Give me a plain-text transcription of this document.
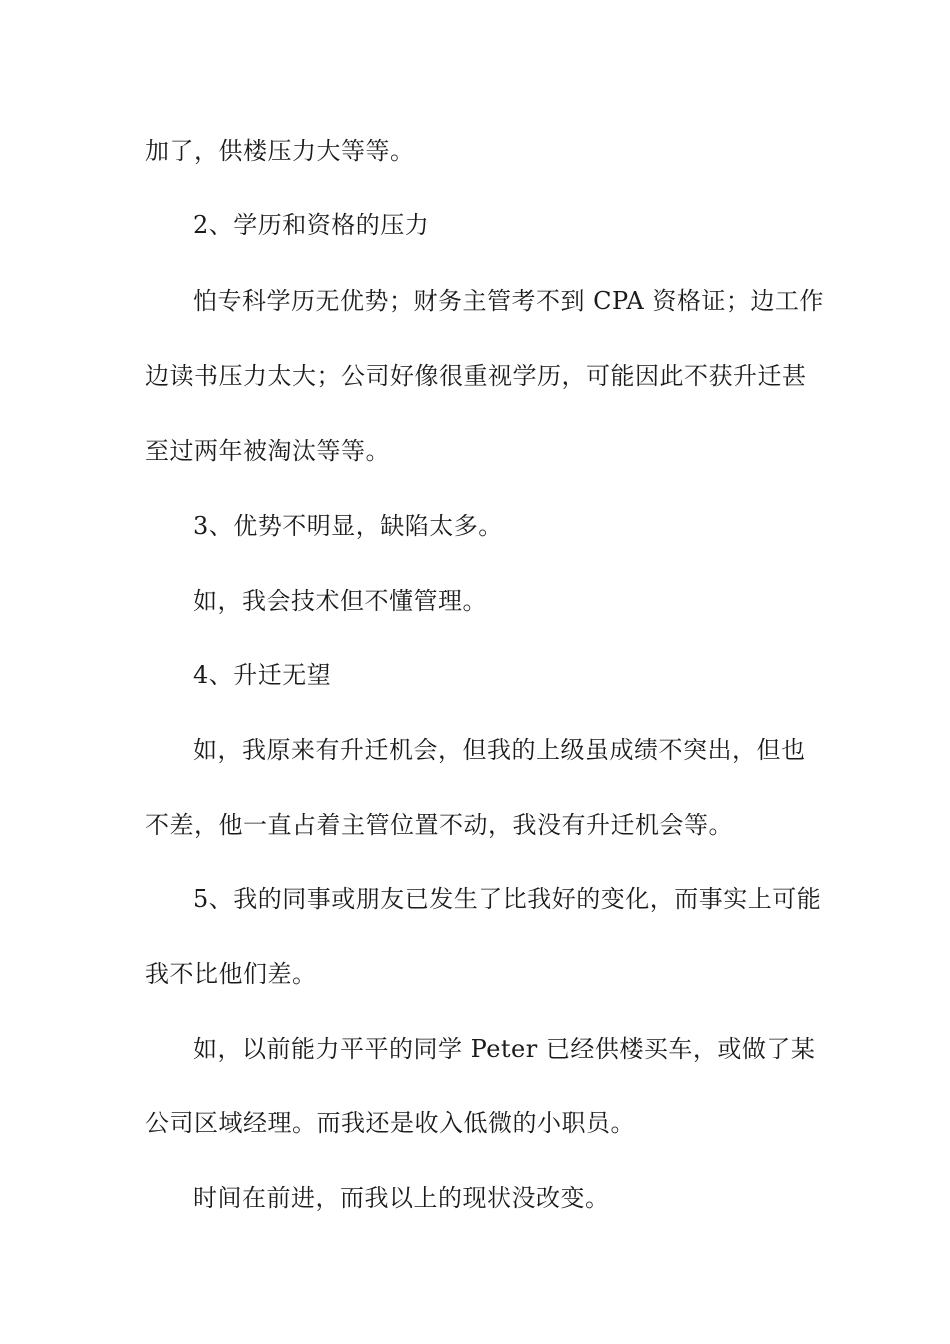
加了，供楼压力大等等。
2、学历和资格的压力
怕专科学历无优势；财务主管考不到 CPA 资格证；边工作
边读书压力太大；公司好像很重视学历，可能因此不获升迁甚
至过两年被淘汰等等。
3、优势不明显，缺陷太多。
如，我会技术但不懂管理。
4、升迁无望
如，我原来有升迁机会，但我的上级虽成绩不突出，但也
不差，他一直占着主管位置不动，我没有升迁机会等。
5、我的同事或朋友已发生了比我好的变化，而事实上可能
我不比他们差。
如，以前能力平平的同学 Peter 已经供楼买车，或做了某
公司区域经理。而我还是收入低微的小职员。
时间在前进，而我以上的现状没改变。
